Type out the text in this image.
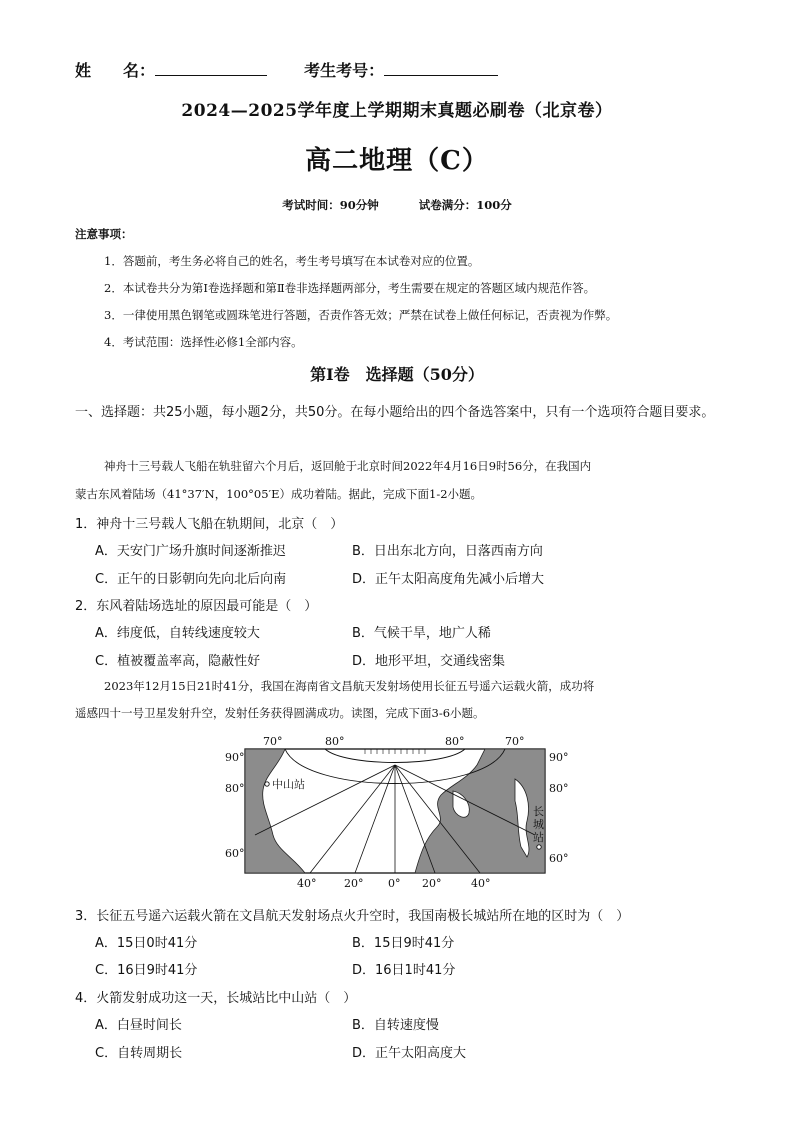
姓　　名：	考生考号：
2024—2025学年度上学期期末真题必刷卷（北京卷）
高二地理（C）
考试时间：90分钟	试卷满分：100分
注意事项：
1．答题前，考生务必将自己的姓名，考生考号填写在本试卷对应的位置。
2．本试卷共分为第Ⅰ卷选择题和第Ⅱ卷非选择题两部分，考生需要在规定的答题区域内规范作答。
3．一律使用黑色钢笔或圆珠笔进行答题，否责作答无效；严禁在试卷上做任何标记，否责视为作弊。
4．考试范围：选择性必修1全部内容。
第Ⅰ卷　选择题（50分）
一、选择题：共25小题，每小题2分，共50分。在每小题给出的四个备选答案中，只有一个选项符合题目要求。
神舟十三号载人飞船在轨驻留六个月后，返回舱于北京时间2022年4月16日9时56分，在我国内
蒙古东风着陆场（41°37′N，100°05′E）成功着陆。据此，完成下面1-2小题。
1．神舟十三号载人飞船在轨期间，北京（　）
A．天安门广场升旗时间逐渐推迟	B．日出东北方向，日落西南方向
C．正午的日影朝向先向北后向南	D．正午太阳高度角先减小后增大
2．东风着陆场选址的原因最可能是（　）
A．纬度低，自转线速度较大	B．气候干旱，地广人稀
C．植被覆盖率高，隐蔽性好	D．地形平坦，交通线密集
2023年12月15日21时41分，我国在海南省文昌航天发射场使用长征五号遥六运载火箭，成功将
遥感四十一号卫星发射升空，发射任务获得圆满成功。读图，完成下面3-6小题。
70°	80°	80°	70°
40°	20° 0° 20°	40°
90°
80°
60°
90°
80°
60°
中山站
长
城
站
3．长征五号遥六运载火箭在文昌航天发射场点火升空时，我国南极长城站所在地的区时为（　）
A．15日0时41分	B．15日9时41分
C．16日9时41分	D．16日1时41分
4．火箭发射成功这一天，长城站比中山站（　）
A．白昼时间长	B．自转速度慢
C．自转周期长	D．正午太阳高度大
